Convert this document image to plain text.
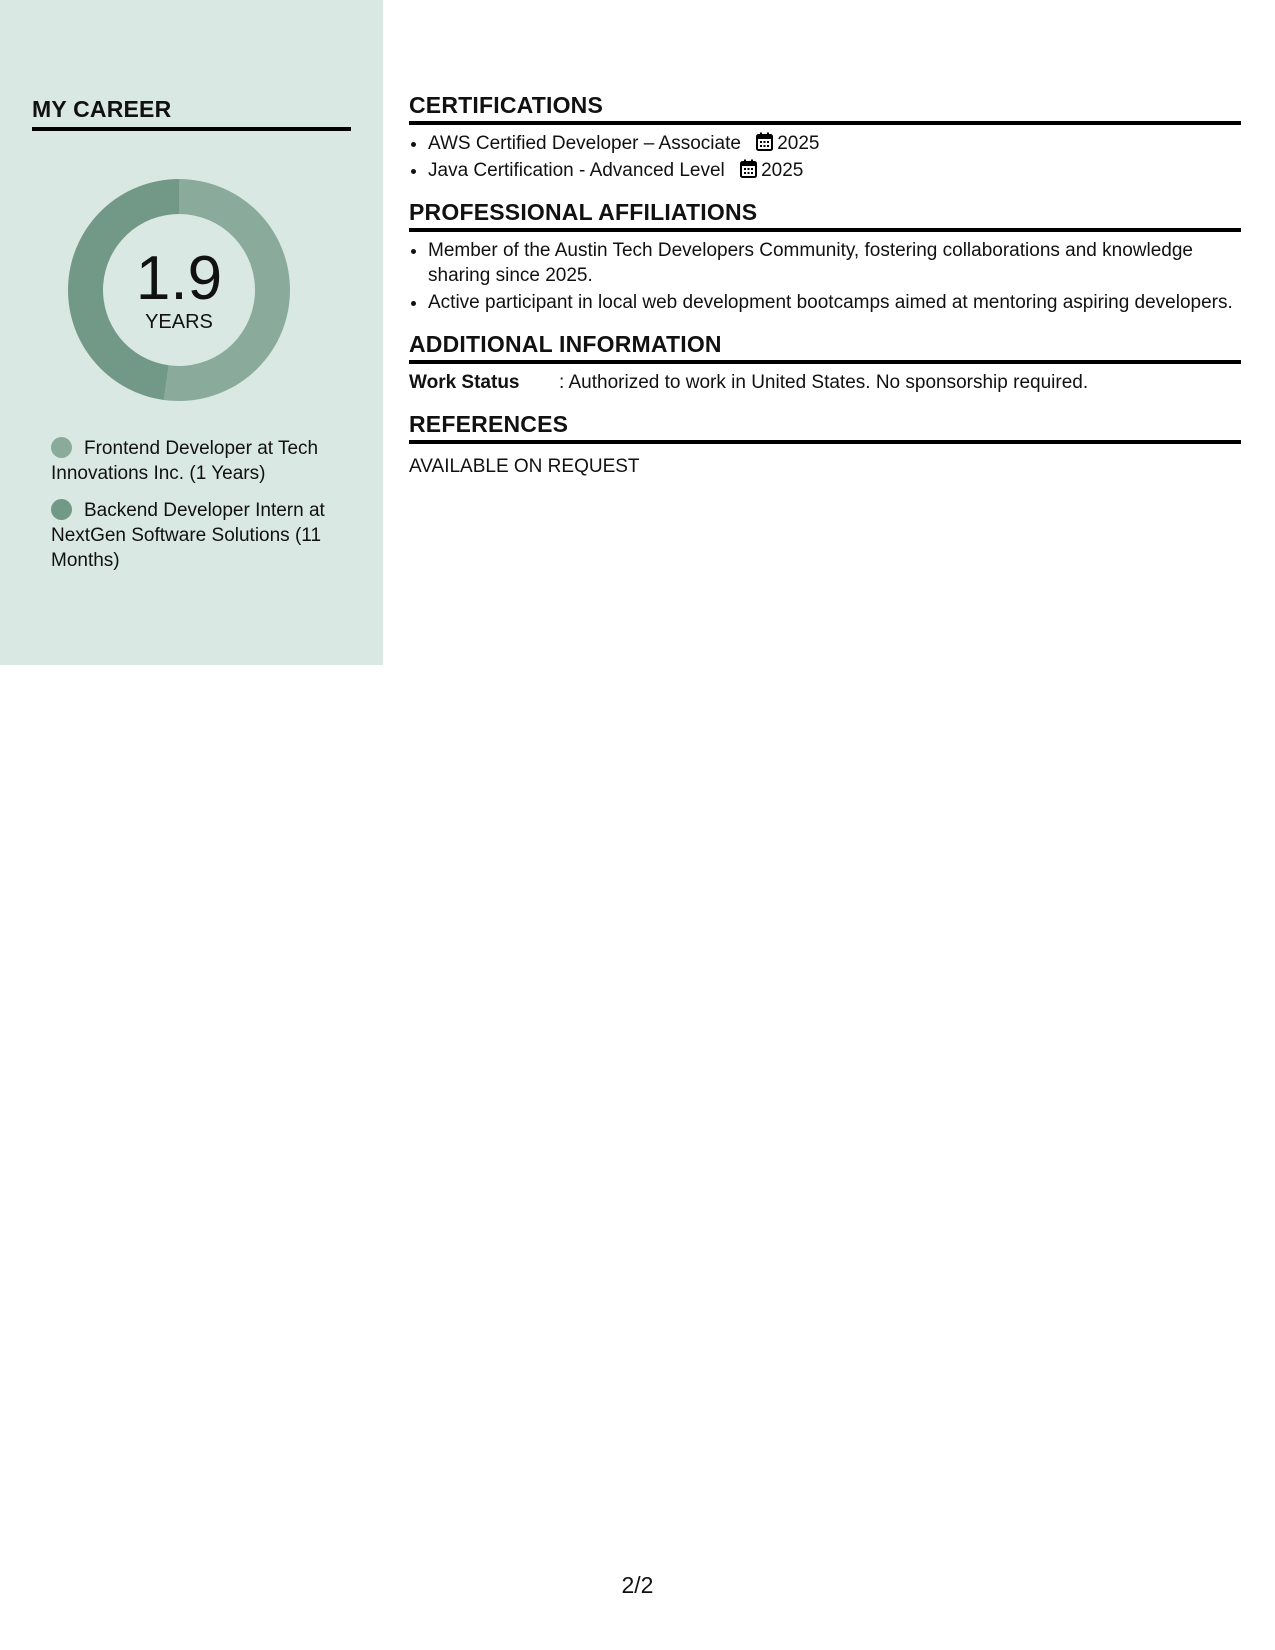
MY CAREER
1.9
YEARS
Frontend Developer at Tech Innovations Inc. (1 Years)
Backend Developer Intern at NextGen Software Solutions (11 Months)
CERTIFICATIONS
• AWS Certified Developer – Associate 2025
• Java Certification - Advanced Level 2025
PROFESSIONAL AFFILIATIONS
• Member of the Austin Tech Developers Community, fostering collaborations and knowledge sharing since 2025.
• Active participant in local web development bootcamps aimed at mentoring aspiring developers.
ADDITIONAL INFORMATION
Work Status	: Authorized to work in United States. No sponsorship required.
REFERENCES
AVAILABLE ON REQUEST
2/2
